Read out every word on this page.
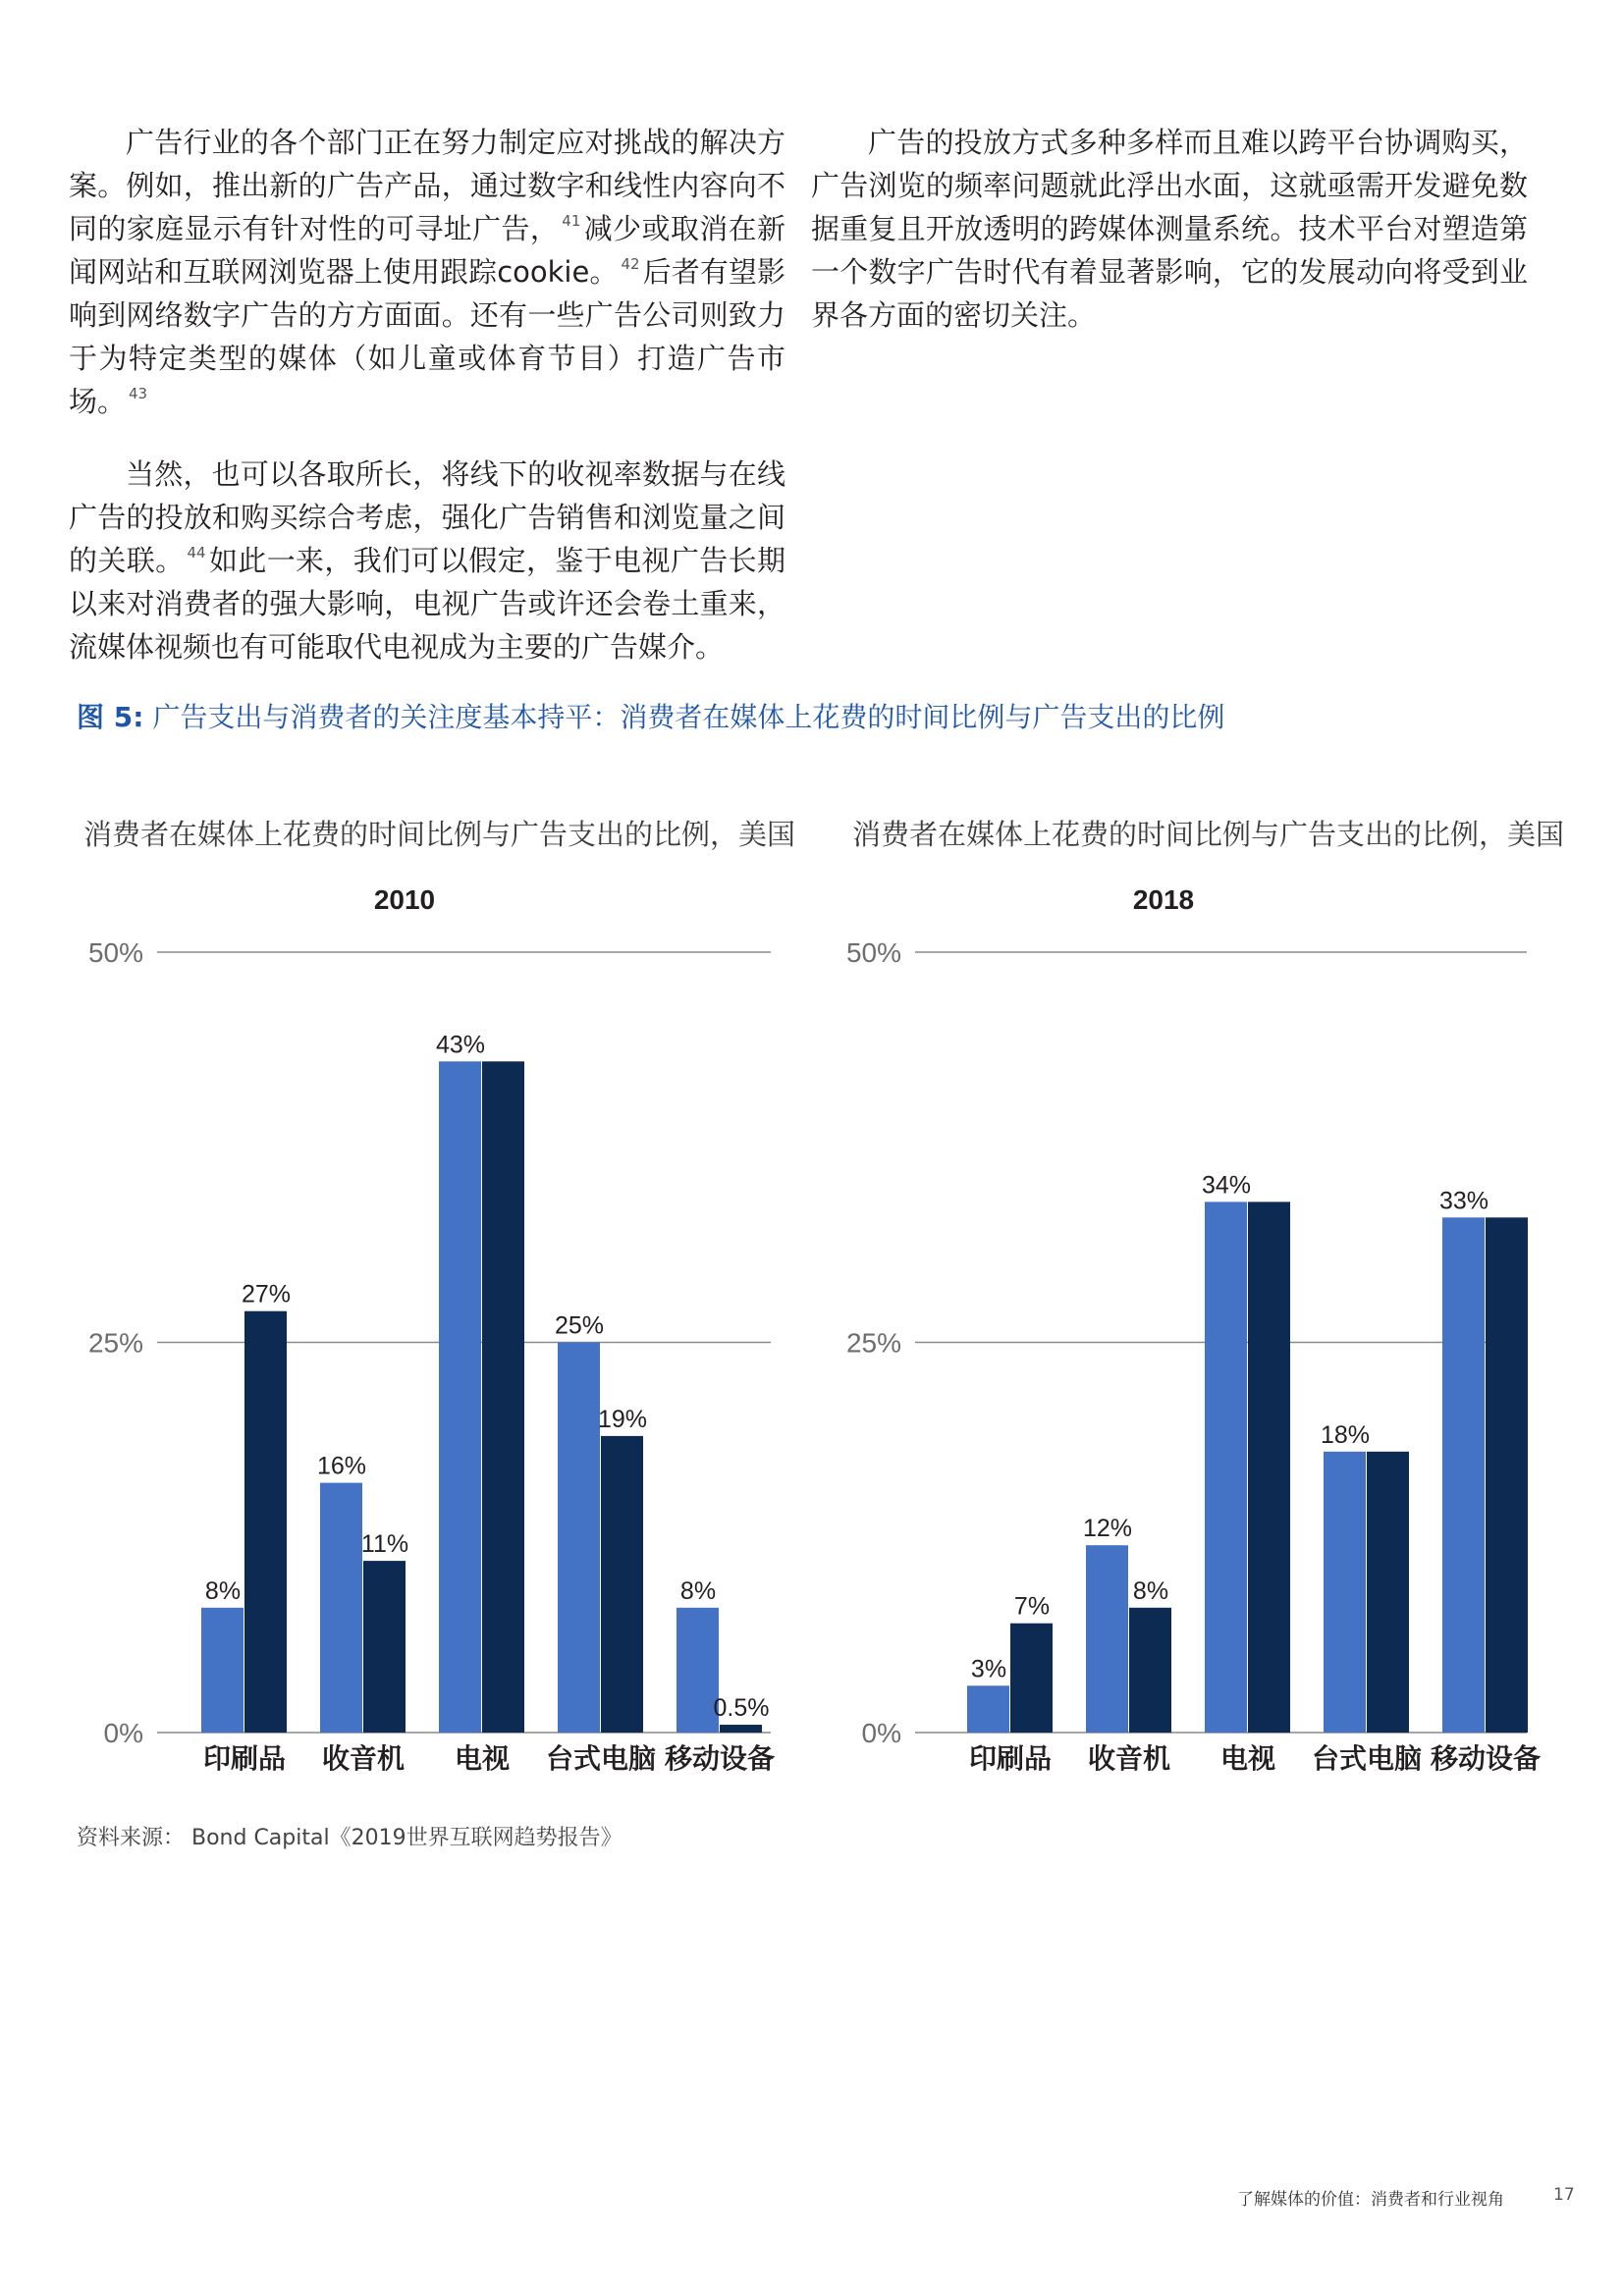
广告行业的各个部门正在努力制定应对挑战的解决方案。例如，推出新的广告产品，通过数字和线性内容向不同的家庭显示有针对性的可寻址广告， $^{41}$ 减少或取消在新闻网站和互联网浏览器上使用跟踪cookie。 $^{42}$ 后者有望影响到网络数字广告的方方面面。还有一些广告公司则致力于为特定类型的媒体（如儿童或体育节目）打造广告市场。 $^{43}$

当然，也可以各取所长，将线下的收视率数据与在线广告的投放和购买综合考虑，强化广告销售和浏览量之间的关联。 $^{44}$ 如此一来，我们可以假定，鉴于电视广告长期以来对消费者的强大影响，电视广告或许还会卷土重来，流媒体视频也有可能取代电视成为主要的广告媒介。

广告的投放方式多种多样而且难以跨平台协调购买，广告浏览的频率问题就此浮出水面，这就亟需开发避免数据重复且开放透明的跨媒体测量系统。技术平台对塑造第一个数字广告时代有着显著影响，它的发展动向将受到业界各方面的密切关注。

图 5: 广告支出与消费者的关注度基本持平：消费者在媒体上花费的时间比例与广告支出的比例
消费者在媒体上花费的时间比例与广告支出的比例，美国 消费者在媒体上花费的时间比例与广告支出的比例，美国
2010
0%
25%
50%
8%
27%
印刷品
16%
11%
收音机
43%
电视
25%
19%
台式电脑
8%
0.5%
移动设备
2018
0%
25%
50%
3%
7%
印刷品
12%
8%
收音机
34%
电视
18%
台式电脑
33%
移动设备
资料来源： Bond Capital《2019世界互联网趋势报告》
了解媒体的价值：消费者和行业视角	17
